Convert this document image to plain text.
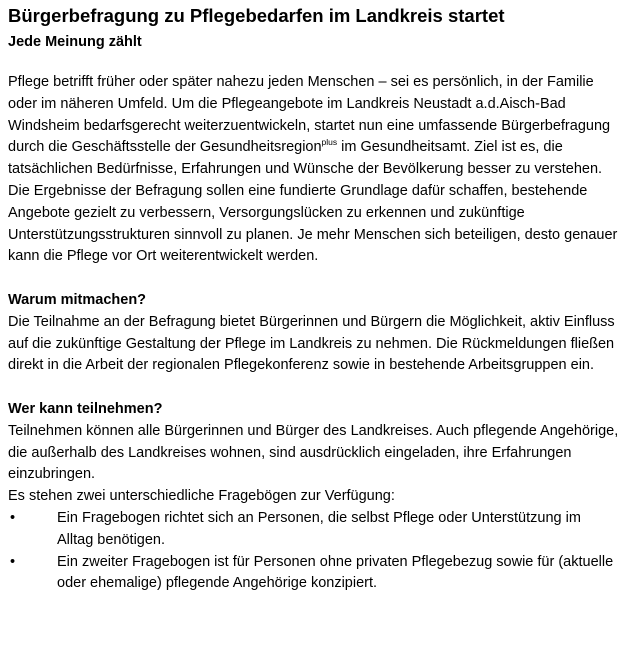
Bürgerbefragung zu Pflegebedarfen im Landkreis startet

Jede Meinung zählt

Pflege betrifft früher oder später nahezu jeden Menschen – sei es persönlich, in der Familie oder im näheren Umfeld. Um die Pflegeangebote im Landkreis Neustadt a.d.Aisch-Bad Windsheim bedarfsgerecht weiterzuentwickeln, startet nun eine umfassende Bürgerbefragung durch die Geschäftsstelle der Gesundheitsregion$^{plus}$ im Gesundheitsamt. Ziel ist es, die tatsächlichen Bedürfnisse, Erfahrungen und Wünsche der Bevölkerung besser zu verstehen.

Die Ergebnisse der Befragung sollen eine fundierte Grundlage dafür schaffen, bestehende Angebote gezielt zu verbessern, Versorgungslücken zu erkennen und zukünftige Unterstützungsstrukturen sinnvoll zu planen. Je mehr Menschen sich beteiligen, desto genauer kann die Pflege vor Ort weiterentwickelt werden.

Warum mitmachen?

Die Teilnahme an der Befragung bietet Bürgerinnen und Bürgern die Möglichkeit, aktiv Einfluss auf die zukünftige Gestaltung der Pflege im Landkreis zu nehmen. Die Rückmeldungen fließen direkt in die Arbeit der regionalen Pflegekonferenz sowie in bestehende Arbeitsgruppen ein.

Wer kann teilnehmen?

Teilnehmen können alle Bürgerinnen und Bürger des Landkreises. Auch pflegende Angehörige, die außerhalb des Landkreises wohnen, sind ausdrücklich eingeladen, ihre Erfahrungen einzubringen.

Es stehen zwei unterschiedliche Fragebögen zur Verfügung:

•	Ein Fragebogen richtet sich an Personen, die selbst Pflege oder Unterstützung im Alltag benötigen.
•	Ein zweiter Fragebogen ist für Personen ohne privaten Pflegebezug sowie für (aktuelle oder ehemalige) pflegende Angehörige konzipiert.
